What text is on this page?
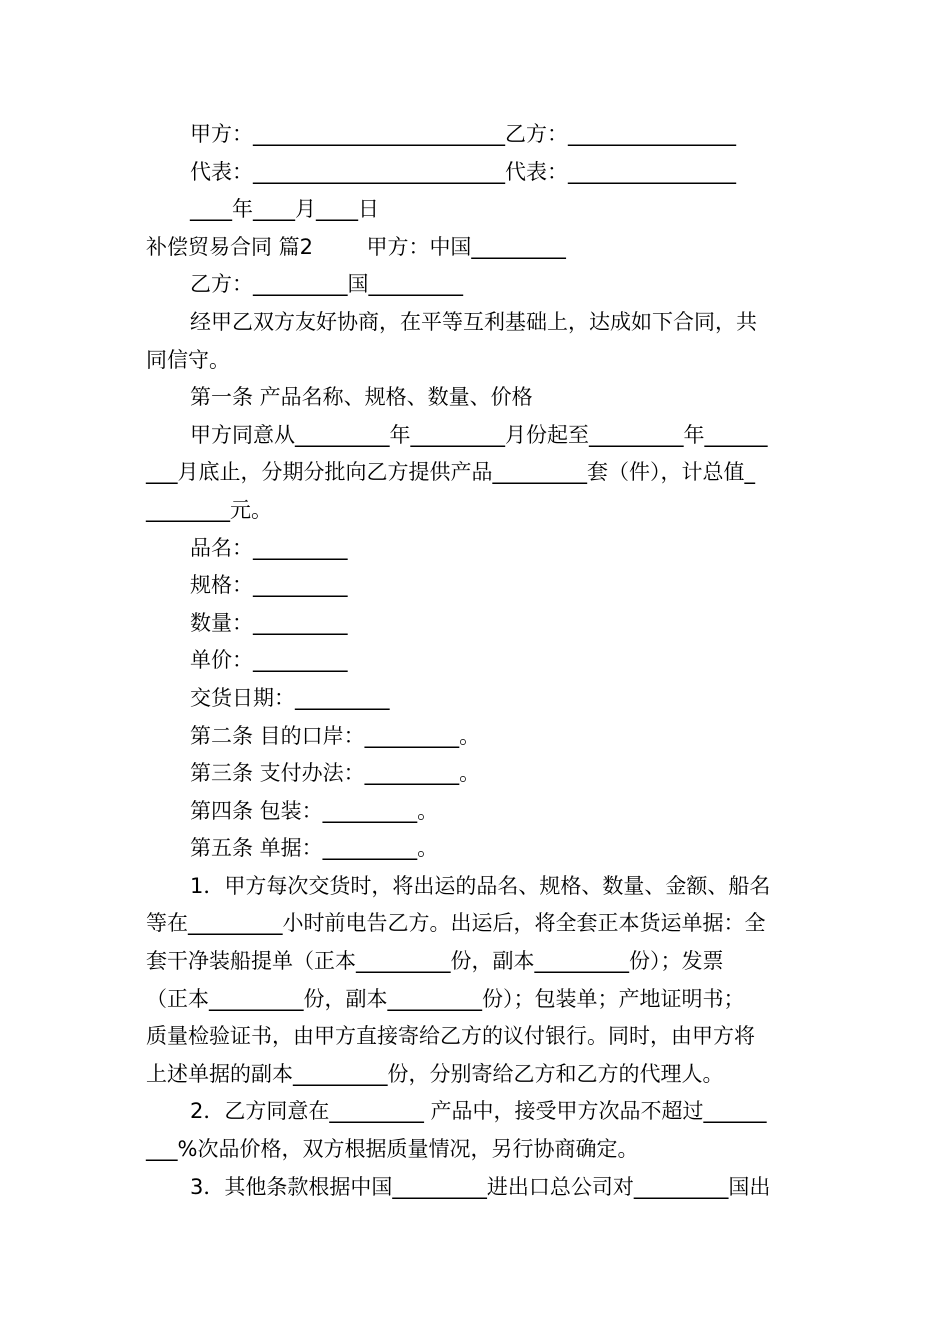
甲方：________________________乙方：________________
代表：________________________代表：________________
____年____月____日
补偿贸易合同 篇2        甲方：中国_________
乙方：_________国_________
经甲乙双方友好协商，在平等互利基础上，达成如下合同，共
同信守。
第一条 产品名称、规格、数量、价格
甲方同意从_________年_________月份起至_________年______
___月底止，分期分批向乙方提供产品_________套（件），计总值_
________元。
品名：_________
规格：_________
数量：_________
单价：_________
交货日期：_________
第二条 目的口岸：_________。
第三条 支付办法：_________。
第四条 包装：_________。
第五条 单据：_________。
1．甲方每次交货时，将出运的品名、规格、数量、金额、船名
等在_________小时前电告乙方。出运后，将全套正本货运单据：全
套干净装船提单（正本_________份，副本_________份）；发票
（正本_________份，副本_________份）；包装单；产地证明书；
质量检验证书，由甲方直接寄给乙方的议付银行。同时，由甲方将
上述单据的副本_________份，分别寄给乙方和乙方的代理人。
2．乙方同意在_________ 产品中，接受甲方次品不超过______
___%次品价格，双方根据质量情况，另行协商确定。
3．其他条款根据中国_________进出口总公司对_________国出
